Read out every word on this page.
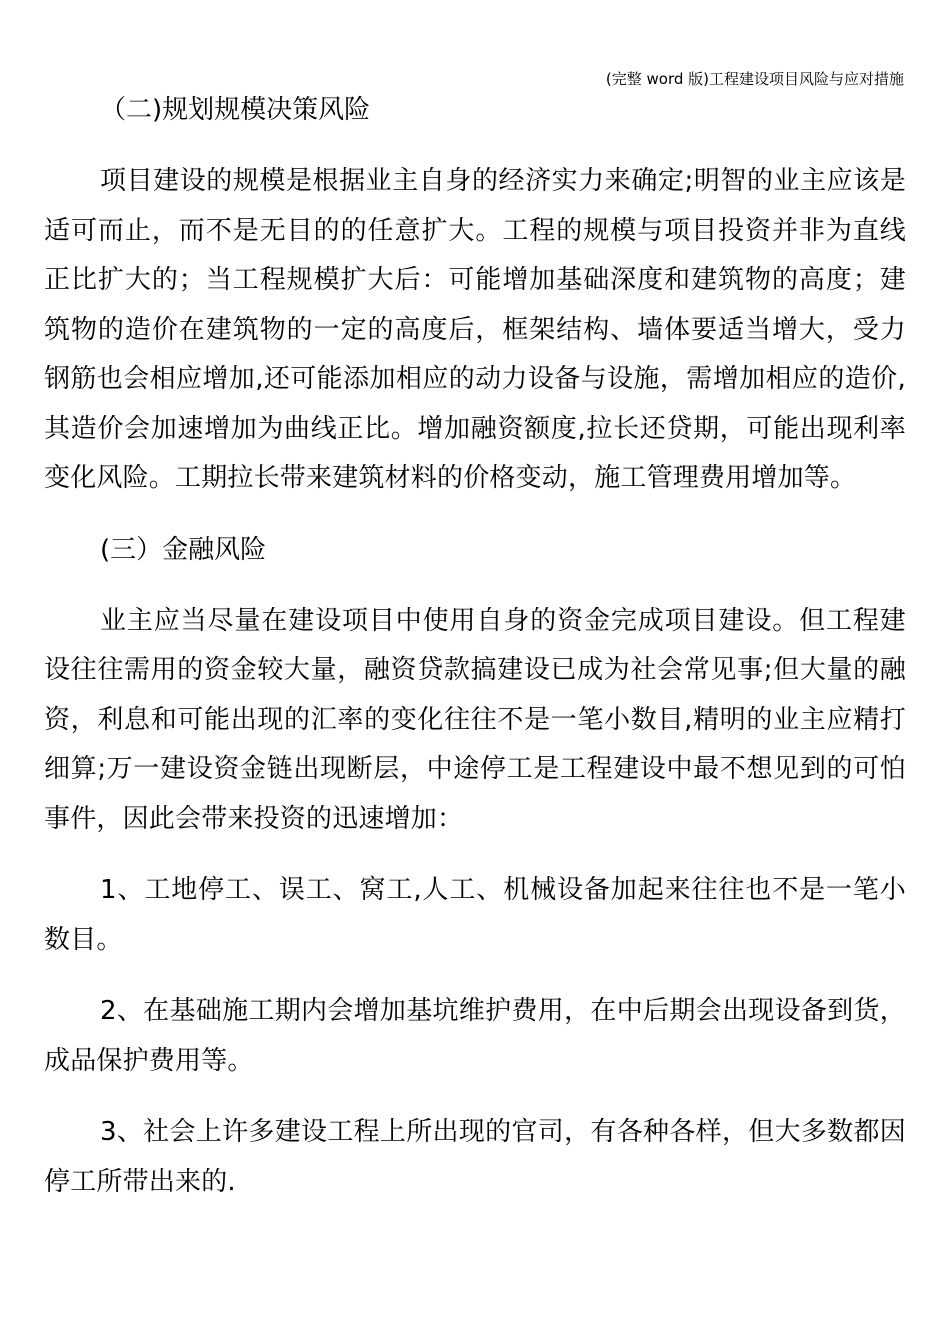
(完整 word 版)工程建设项目风险与应对措施
（二)规划规模决策风险

项目建设的规模是根据业主自身的经济实力来确定;明智的业主应该是适可而止，而不是无目的的任意扩大。工程的规模与项目投资并非为直线正比扩大的；当工程规模扩大后：可能增加基础深度和建筑物的高度；建筑物的造价在建筑物的一定的高度后，框架结构、墙体要适当增大，受力钢筋也会相应增加,还可能添加相应的动力设备与设施，需增加相应的造价,其造价会加速增加为曲线正比。增加融资额度,拉长还贷期，可能出现利率变化风险。工期拉长带来建筑材料的价格变动，施工管理费用增加等。

(三）金融风险

业主应当尽量在建设项目中使用自身的资金完成项目建设。但工程建设往往需用的资金较大量，融资贷款搞建设已成为社会常见事;但大量的融资，利息和可能出现的汇率的变化往往不是一笔小数目,精明的业主应精打细算;万一建设资金链出现断层，中途停工是工程建设中最不想见到的可怕事件，因此会带来投资的迅速增加：

1、工地停工、误工、窝工,人工、机械设备加起来往往也不是一笔小数目。

2、在基础施工期内会增加基坑维护费用，在中后期会出现设备到货，成品保护费用等。

3、社会上许多建设工程上所出现的官司，有各种各样，但大多数都因停工所带出来的.
